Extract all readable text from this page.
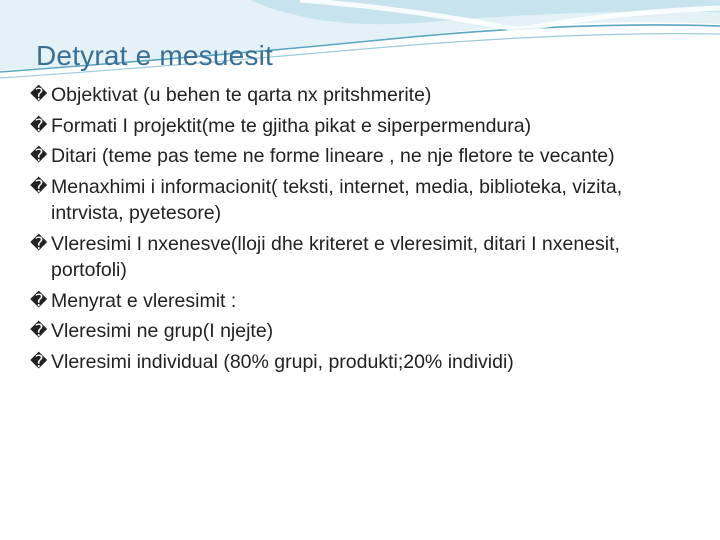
Detyrat e mesuesit
� Objektivat (u behen te qarta nx pritshmerite)
� Formati I projektit(me te gjitha pikat e siperpermendura)
� Ditari (teme pas teme ne forme lineare , ne nje fletore te vecante)
� Menaxhimi i informacionit( teksti, internet, media, biblioteka, vizita, intrvista, pyetesore)
� Vleresimi I nxenesve(lloji dhe kriteret e vleresimit, ditari I nxenesit, portofoli)
� Menyrat e vleresimit :
� Vleresimi ne grup(I njejte)
� Vleresimi individual (80% grupi, produkti;20% individi)
